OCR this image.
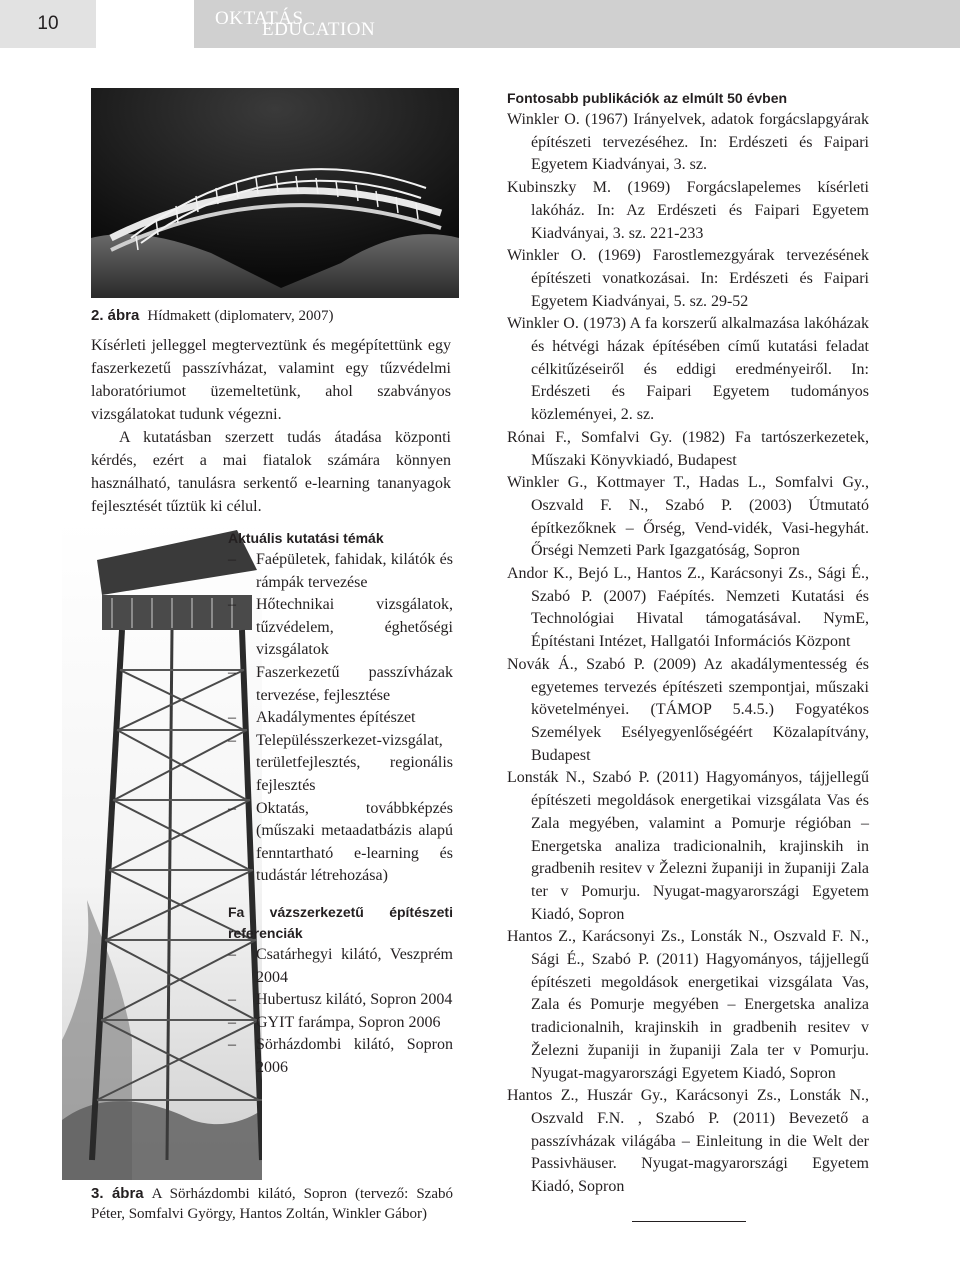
10	OKTATÁS
EDUCATION
2. ábra Hídmakett (diplomaterv, 2007)

Kísérleti jelleggel megterveztünk és megépítettünk egy faszerkezetű passzívházat, valamint egy tűzvédelmi laboratóriumot üzemeltetünk, ahol szabványos vizsgálatokat tudunk végezni.

A kutatásban szerzett tudás átadása központi kérdés, ezért a mai fiatalok számára könnyen használható, tanulásra serkentő e-learning tananyagok fejlesztését tűztük ki célul.

Aktuális kutatási témák
– Faépületek, fahidak, kilátók és rámpák tervezése
– Hőtechnikai vizsgálatok, tűzvédelem, éghetőségi vizsgálatok
– Faszerkezetű passzívházak tervezése, fejlesztése
– Akadálymentes építészet
– Településszerkezet-vizsgálat, területfejlesztés, regionális fejlesztés
– Oktatás, továbbképzés (műszaki metaadatbázis alapú fenntartható e-learning és tudástár létrehozása)
Fa vázszerkezetű építészeti referenciák
– Csatárhegyi kilátó, Veszprém 2004
– Hubertusz kilátó, Sopron 2004
– GYIT farámpa, Sopron 2006
– Sörházdombi kilátó, Sopron 2006
3. ábra A Sörházdombi kilátó, Sopron (tervező: Szabó Péter, Somfalvi György, Hantos Zoltán, Winkler Gábor)
Fontosabb publikációk az elmúlt 50 évben
Winkler O. (1967) Irányelvek, adatok forgácslapgyárak építészeti tervezéséhez. In: Erdészeti és Faipari Egyetem Kiadványai, 3. sz.
Kubinszky M. (1969) Forgácslapelemes kísérleti lakóház. In: Az Erdészeti és Faipari Egyetem Kiadványai, 3. sz. 221-233
Winkler O. (1969) Farostlemezgyárak tervezésének építészeti vonatkozásai. In: Erdészeti és Faipari Egyetem Kiadványai, 5. sz. 29-52
Winkler O. (1973) A fa korszerű alkalmazása lakóházak és hétvégi házak építésében című kutatási feladat célkitűzéseiről és eddigi eredményeiről. In: Erdészeti és Faipari Egyetem tudományos közleményei, 2. sz.
Rónai F., Somfalvi Gy. (1982) Fa tartószerkezetek, Műszaki Könyvkiadó, Budapest
Winkler G., Kottmayer T., Hadas L., Somfalvi Gy., Oszvald F. N., Szabó P. (2003) Útmutató építkezőknek – Őrség, Vend-vidék, Vasi-hegyhát. Őrségi Nemzeti Park Igazgatóság, Sopron
Andor K., Bejó L., Hantos Z., Karácsonyi Zs., Sági É., Szabó P. (2007) Faépítés. Nemzeti Kutatási és Technológiai Hivatal támogatásával. NymE, Építéstani Intézet, Hallgatói Információs Központ
Novák Á., Szabó P. (2009) Az akadálymentesség és egyetemes tervezés építészeti szempontjai, műszaki követelményei. (TÁMOP 5.4.5.) Fogyatékos Személyek Esélyegyenlőségéért Közalapítvány, Budapest
Lonsták N., Szabó P. (2011) Hagyományos, tájjellegű építészeti megoldások energetikai vizsgálata Vas és Zala megyében, valamint a Pomurje régióban – Energetska analiza tradicionalnih, krajinskih in gradbenih resitev v Železni županiji in županiji Zala ter v Pomurju. Nyugat-magyarországi Egyetem Kiadó, Sopron
Hantos Z., Karácsonyi Zs., Lonsták N., Oszvald F. N., Sági É., Szabó P. (2011) Hagyományos, tájjellegű építészeti megoldások energetikai vizsgálata Vas, Zala és Pomurje megyében – Energetska analiza tradicionalnih, krajinskih in gradbenih resitev v Železni županiji in županiji Zala ter v Pomurju. Nyugat-magyarországi Egyetem Kiadó, Sopron
Hantos Z., Huszár Gy., Karácsonyi Zs., Lonsták N., Oszvald F.N. , Szabó P. (2011) Bevezető a passzívházak világába – Einleitung in die Welt der Passivhäuser. Nyugat-magyarországi Egyetem Kiadó, Sopron
